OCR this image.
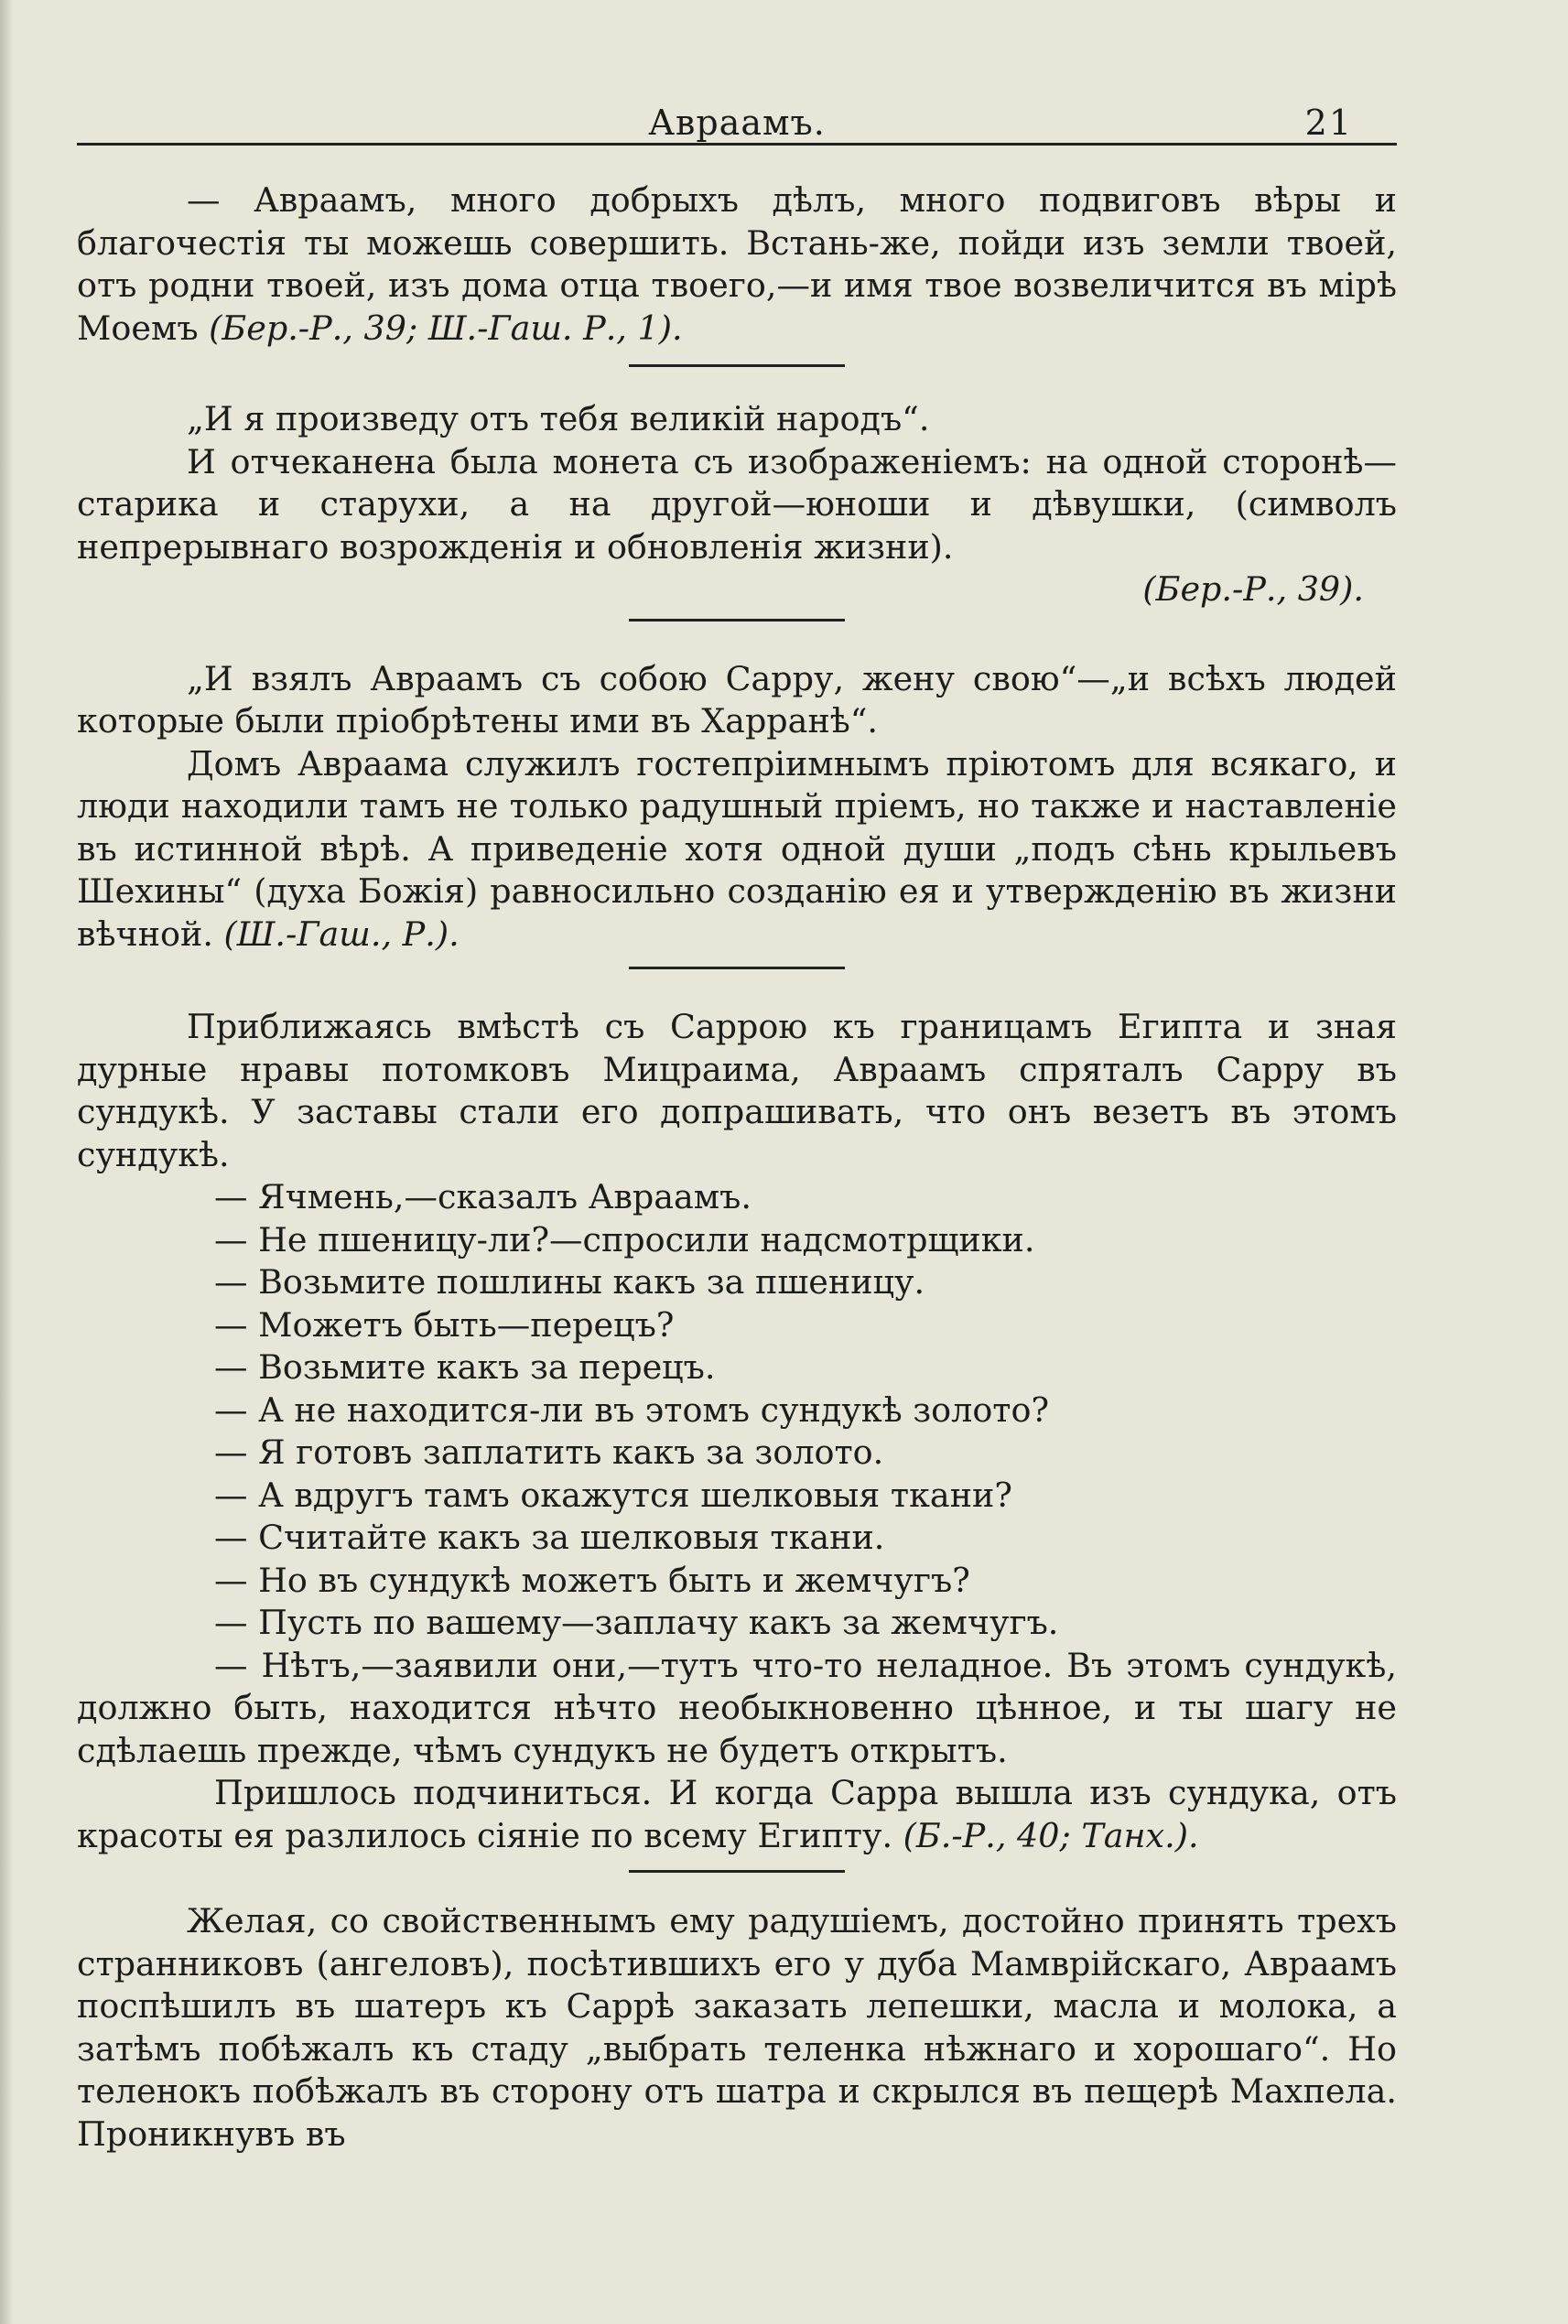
Авраамъ.	21

— Авраамъ, много добрыхъ дѣлъ, много подвиговъ вѣры и благочестія ты можешь совершить. Встань-же, пойди изъ земли твоей, отъ родни твоей, изъ дома отца твоего,—и имя твое возвеличится въ мірѣ Моемъ (Бер.-Р., 39; Ш.-Гаш. Р., 1).

„И я произведу отъ тебя великій народъ“.

И отчеканена была монета съ изображеніемъ: на одной сторонѣ—старика и старухи, а на другой—юноши и дѣвушки, (символъ непрерывнаго возрожденія и обновленія жизни).

(Бер.-Р., 39).

„И взялъ Авраамъ съ собою Сарру, жену свою“—„и всѣхъ людей которые были пріобрѣтены ими въ Харранѣ“.

Домъ Авраама служилъ гостепріимнымъ пріютомъ для всякаго, и люди находили тамъ не только радушный пріемъ, но также и наставленіе въ истинной вѣрѣ. А приведеніе хотя одной души „подъ сѣнь крыльевъ Шехины“ (духа Божія) равносильно созданію ея и утвержденію въ жизни вѣчной. (Ш.-Гаш., Р.).

Приближаясь вмѣстѣ съ Саррою къ границамъ Египта и зная дурные нравы потомковъ Мицраима, Авраамъ спряталъ Сарру въ сундукѣ. У заставы стали его допрашивать, что онъ везетъ въ этомъ сундукѣ.

— Ячмень,—сказалъ Авраамъ.

— Не пшеницу-ли?—спросили надсмотрщики.

— Возьмите пошлины какъ за пшеницу.

— Можетъ быть—перецъ?

— Возьмите какъ за перецъ.

— А не находится-ли въ этомъ сундукѣ золото?

— Я готовъ заплатить какъ за золото.

— А вдругъ тамъ окажутся шелковыя ткани?

— Считайте какъ за шелковыя ткани.

— Но въ сундукѣ можетъ быть и жемчугъ?

— Пусть по вашему—заплачу какъ за жемчугъ.

— Нѣтъ,—заявили они,—тутъ что-то неладное. Въ этомъ сундукѣ, должно быть, находится нѣчто необыкновенно цѣнное, и ты шагу не сдѣлаешь прежде, чѣмъ сундукъ не будетъ открытъ.

Пришлось подчиниться. И когда Сарра вышла изъ сундука, отъ красоты ея разлилось сіяніе по всему Египту. (Б.-Р., 40; Танх.).

Желая, со свойственнымъ ему радушіемъ, достойно принять трехъ странниковъ (ангеловъ), посѣтившихъ его у дуба Мамврійскаго, Авраамъ поспѣшилъ въ шатеръ къ Саррѣ заказать лепешки, масла и молока, а затѣмъ побѣжалъ къ стаду „выбрать теленка нѣжнаго и хорошаго“. Но теленокъ побѣжалъ въ сторону отъ шатра и скрылся въ пещерѣ Махпела. Проникнувъ въ
